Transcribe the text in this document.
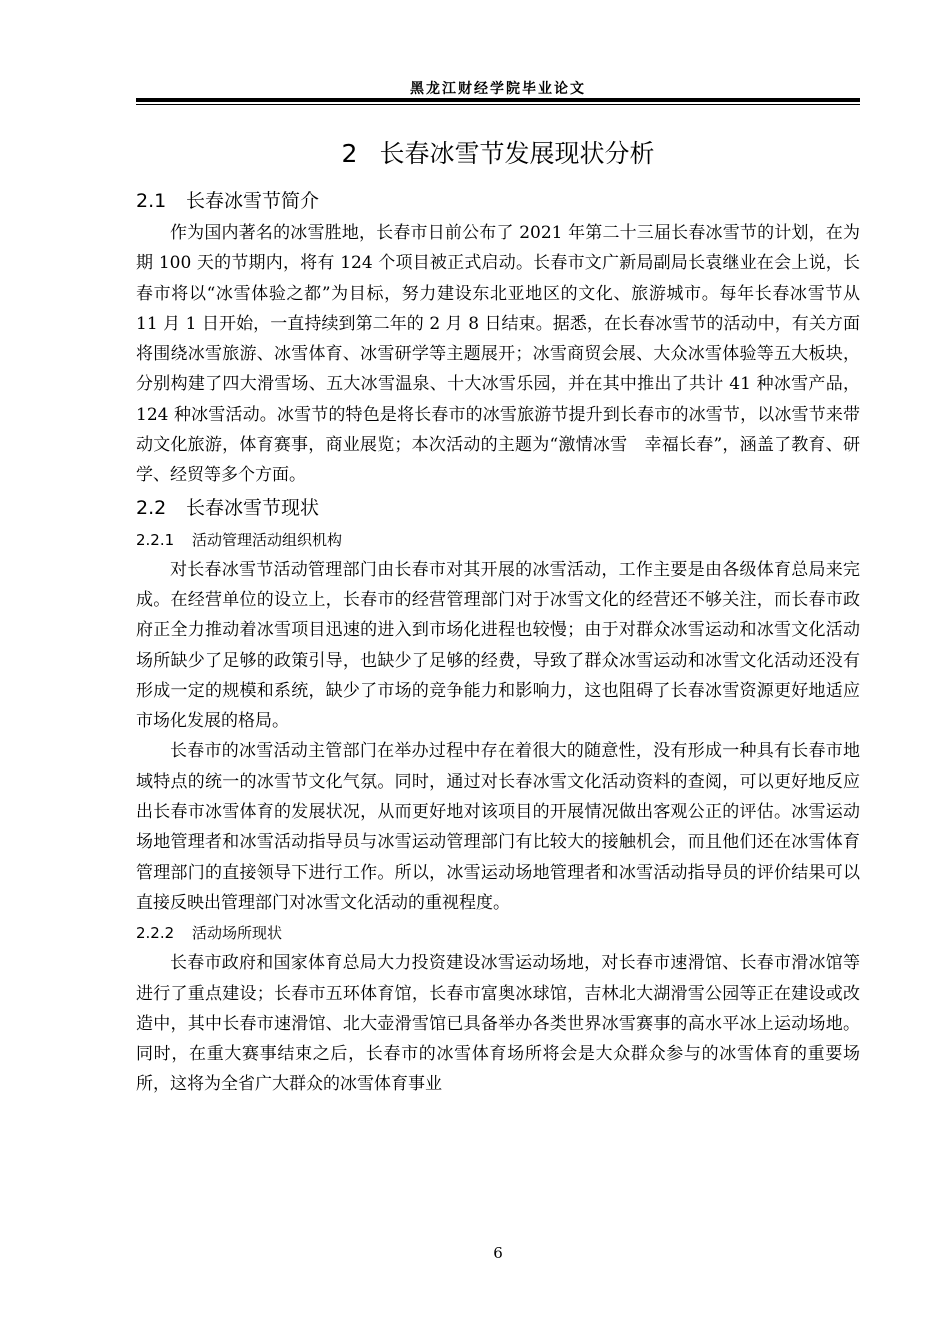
黑龙江财经学院毕业论文
2 长春冰雪节发展现状分析
2.1 长春冰雪节简介

作为国内著名的冰雪胜地，长春市日前公布了 2021 年第二十三届长春冰雪节的计划，在为期 100 天的节期内，将有 124 个项目被正式启动。长春市文广新局副局长袁继业在会上说，长春市将以“冰雪体验之都”为目标，努力建设东北亚地区的文化、旅游城市。每年长春冰雪节从 11 月 1 日开始，一直持续到第二年的 2 月 8 日结束。据悉，在长春冰雪节的活动中，有关方面将围绕冰雪旅游、冰雪体育、冰雪研学等主题展开；冰雪商贸会展、大众冰雪体验等五大板块，分别构建了四大滑雪场、五大冰雪温泉、十大冰雪乐园，并在其中推出了共计 41 种冰雪产品，124 种冰雪活动。冰雪节的特色是将长春市的冰雪旅游节提升到长春市的冰雪节，以冰雪节来带动文化旅游，体育赛事，商业展览；本次活动的主题为“激情冰雪　幸福长春”，涵盖了教育、研学、经贸等多个方面。

2.2 长春冰雪节现状
2.2.1 活动管理活动组织机构

对长春冰雪节活动管理部门由长春市对其开展的冰雪活动，工作主要是由各级体育总局来完成。在经营单位的设立上，长春市的经营管理部门对于冰雪文化的经营还不够关注，而长春市政府正全力推动着冰雪项目迅速的进入到市场化进程也较慢；由于对群众冰雪运动和冰雪文化活动场所缺少了足够的政策引导，也缺少了足够的经费，导致了群众冰雪运动和冰雪文化活动还没有形成一定的规模和系统，缺少了市场的竞争能力和影响力，这也阻碍了长春冰雪资源更好地适应市场化发展的格局。

长春市的冰雪活动主管部门在举办过程中存在着很大的随意性，没有形成一种具有长春市地域特点的统一的冰雪节文化气氛。同时，通过对长春冰雪文化活动资料的查阅，可以更好地反应出长春市冰雪体育的发展状况，从而更好地对该项目的开展情况做出客观公正的评估。冰雪运动场地管理者和冰雪活动指导员与冰雪运动管理部门有比较大的接触机会，而且他们还在冰雪体育管理部门的直接领导下进行工作。所以，冰雪运动场地管理者和冰雪活动指导员的评价结果可以直接反映出管理部门对冰雪文化活动的重视程度。

2.2.2 活动场所现状

长春市政府和国家体育总局大力投资建设冰雪运动场地，对长春市速滑馆、长春市滑冰馆等进行了重点建设；长春市五环体育馆，长春市富奥冰球馆，吉林北大湖滑雪公园等正在建设或改造中，其中长春市速滑馆、北大壶滑雪馆已具备举办各类世界冰雪赛事的高水平冰上运动场地。同时，在重大赛事结束之后，长春市的冰雪体育场所将会是大众群众参与的冰雪体育的重要场所，这将为全省广大群众的冰雪体育事业

6
